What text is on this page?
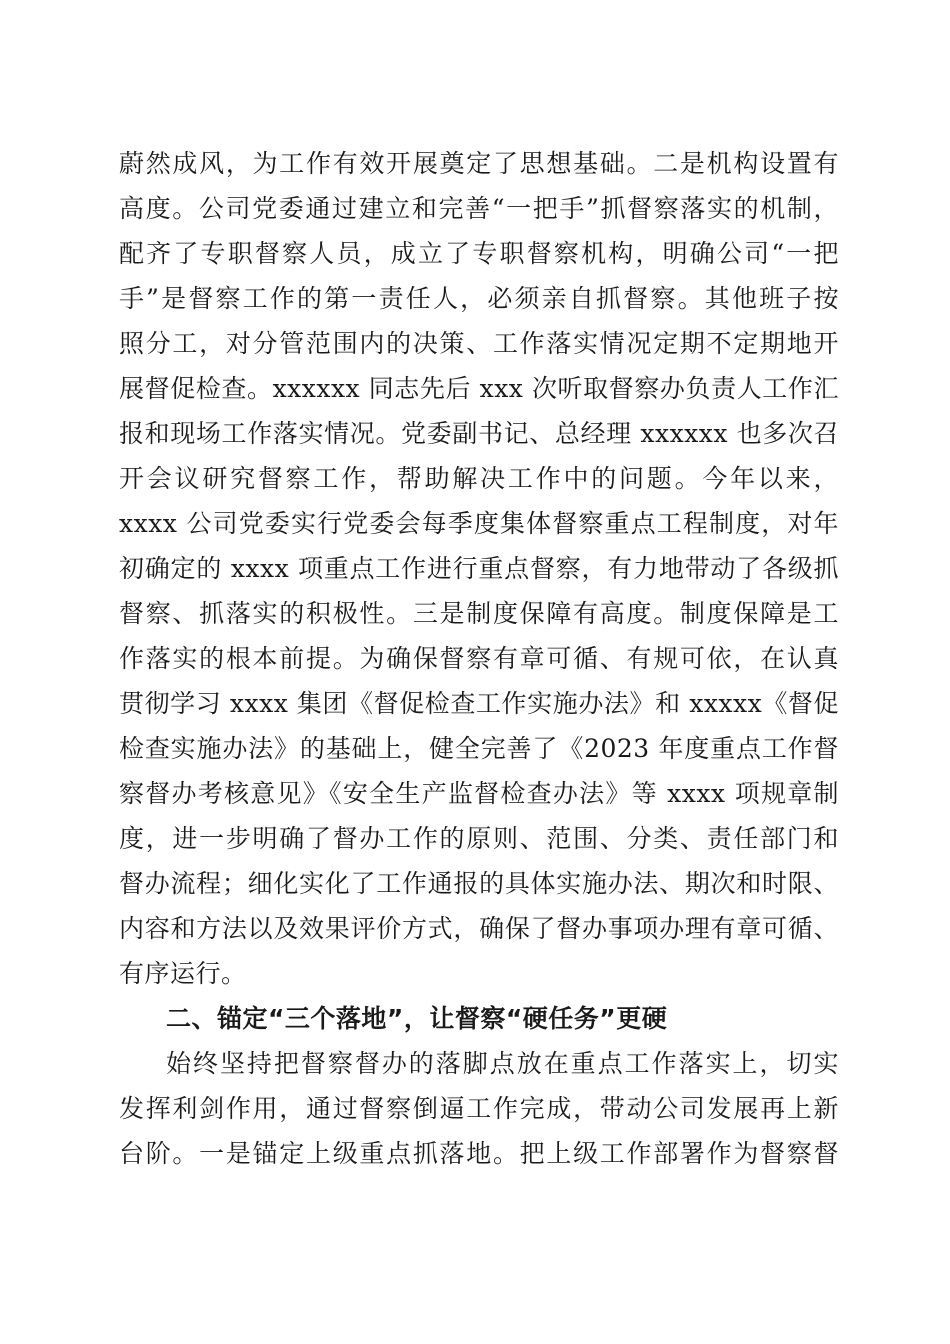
蔚然成风，为工作有效开展奠定了思想基础。二是机构设置有
高度。公司党委通过建立和完善“一把手”抓督察落实的机制，
配齐了专职督察人员，成立了专职督察机构，明确公司“一把
手”是督察工作的第一责任人，必须亲自抓督察。其他班子按
照分工，对分管范围内的决策、工作落实情况定期不定期地开
展督促检查。xxxxxx 同志先后 xxx 次听取督察办负责人工作汇
报和现场工作落实情况。党委副书记、总经理 xxxxxx 也多次召
开会议研究督察工作，帮助解决工作中的问题。今年以来，
xxxx 公司党委实行党委会每季度集体督察重点工程制度，对年
初确定的 xxxx 项重点工作进行重点督察，有力地带动了各级抓
督察、抓落实的积极性。三是制度保障有高度。制度保障是工
作落实的根本前提。为确保督察有章可循、有规可依，在认真
贯彻学习 xxxx 集团《督促检查工作实施办法》和 xxxxx《督促
检查实施办法》的基础上，健全完善了《2023 年度重点工作督
察督办考核意见》《安全生产监督检查办法》等 xxxx 项规章制
度，进一步明确了督办工作的原则、范围、分类、责任部门和
督办流程；细化实化了工作通报的具体实施办法、期次和时限、
内容和方法以及效果评价方式，确保了督办事项办理有章可循、
有序运行。
二、锚定“三个落地”，让督察“硬任务”更硬
始终坚持把督察督办的落脚点放在重点工作落实上，切实
发挥利剑作用，通过督察倒逼工作完成，带动公司发展再上新
台阶。一是锚定上级重点抓落地。把上级工作部署作为督察督
